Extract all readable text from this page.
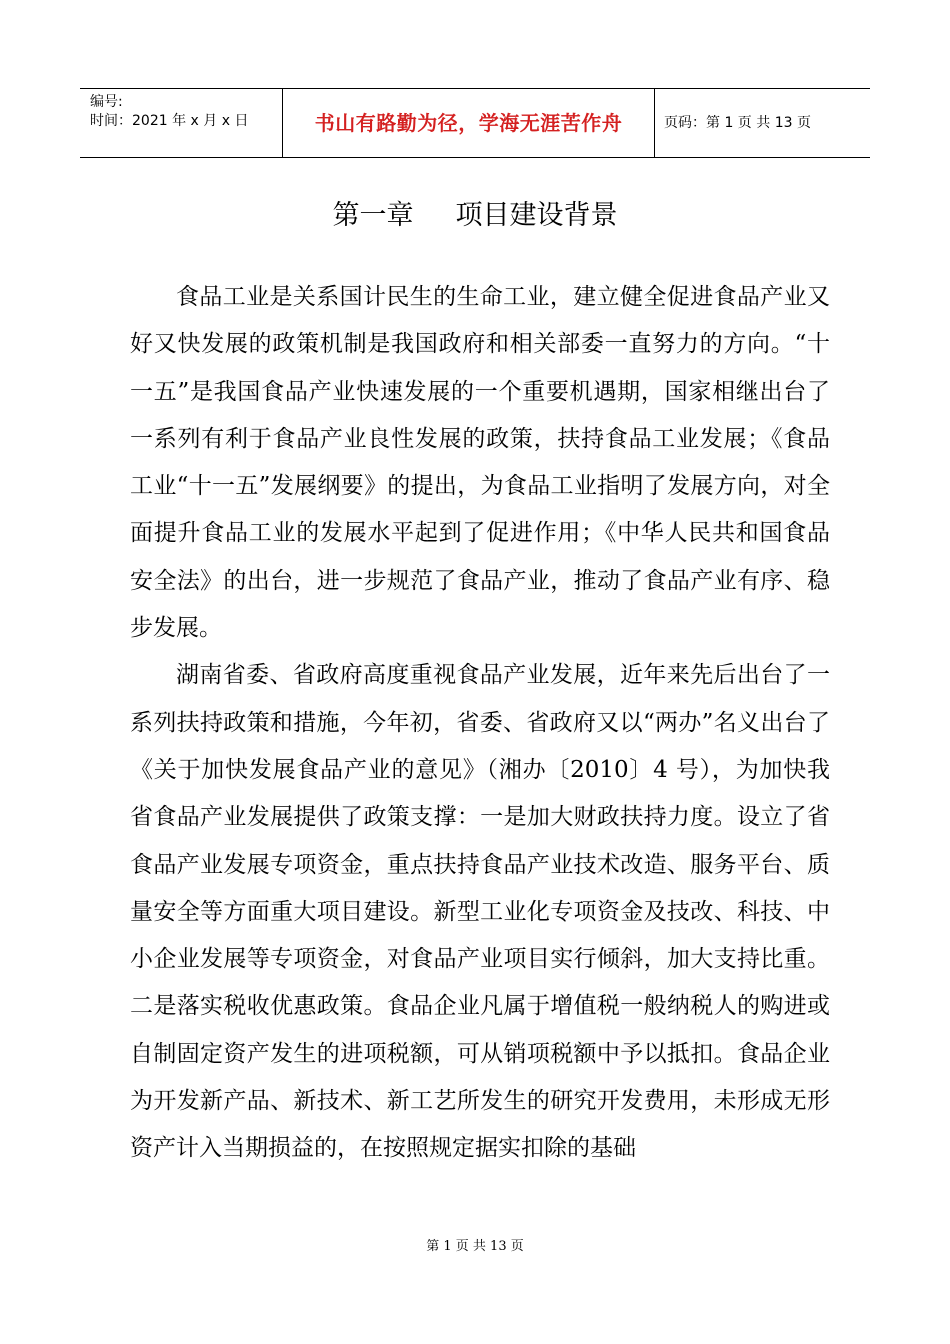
编号:
时间：2021 年 x 月 x 日	书山有路勤为径，学海无涯苦作舟	页码：第 1 页 共 13 页
第一章 项目建设背景

食品工业是关系国计民生的生命工业，建立健全促进食品产业又好又快发展的政策机制是我国政府和相关部委一直努力的方向。“十一五”是我国食品产业快速发展的一个重要机遇期，国家相继出台了一系列有利于食品产业良性发展的政策，扶持食品工业发展；《食品工业“十一五”发展纲要》的提出，为食品工业指明了发展方向，对全面提升食品工业的发展水平起到了促进作用；《中华人民共和国食品安全法》的出台，进一步规范了食品产业，推动了食品产业有序、稳步发展。

湖南省委、省政府高度重视食品产业发展，近年来先后出台了一系列扶持政策和措施，今年初，省委、省政府又以“两办”名义出台了《关于加快发展食品产业的意见》（湘办〔2010〕4 号），为加快我省食品产业发展提供了政策支撑：一是加大财政扶持力度。设立了省食品产业发展专项资金，重点扶持食品产业技术改造、服务平台、质量安全等方面重大项目建设。新型工业化专项资金及技改、科技、中小企业发展等专项资金，对食品产业项目实行倾斜，加大支持比重。二是落实税收优惠政策。食品企业凡属于增值税一般纳税人的购进或自制固定资产发生的进项税额，可从销项税额中予以抵扣。食品企业为开发新产品、新技术、新工艺所发生的研究开发费用，未形成无形资产计入当期损益的，在按照规定据实扣除的基础

第 1 页 共 13 页
